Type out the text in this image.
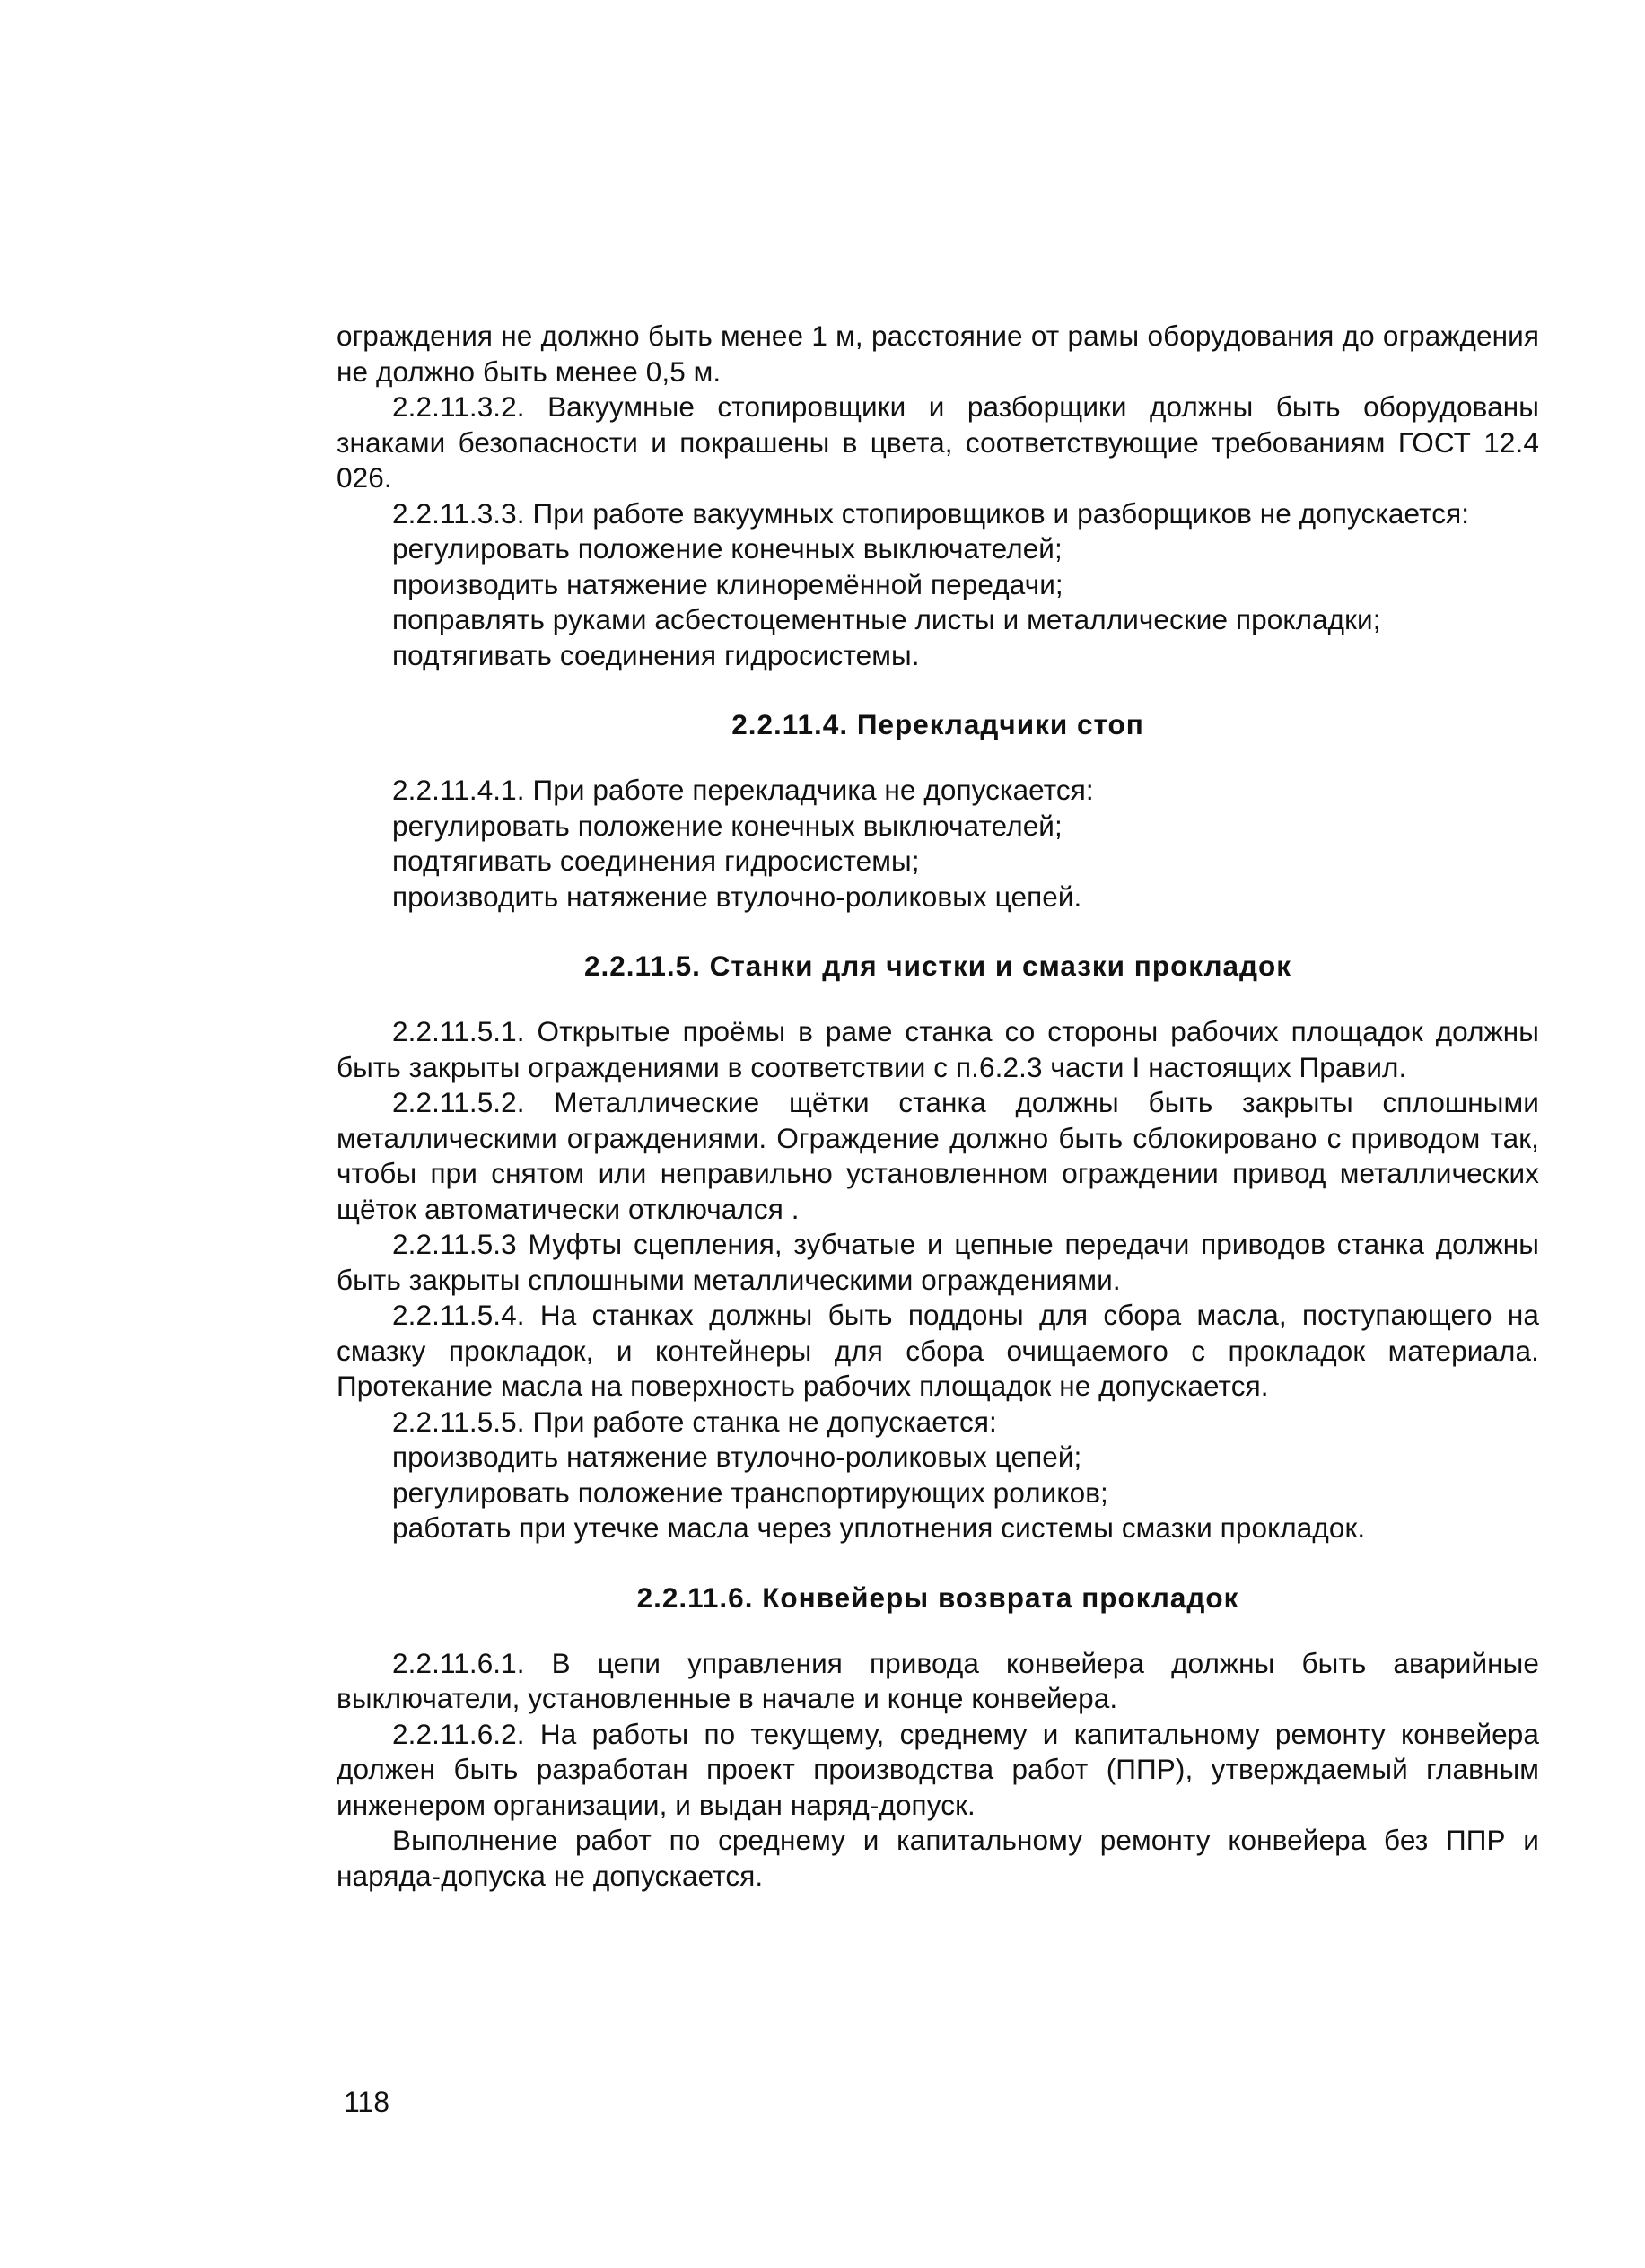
ограждения не должно быть менее 1 м, расстояние от рамы оборудования до ограждения не должно быть менее 0,5 м.

2.2.11.3.2. Вакуумные стопировщики и разборщики должны быть оборудованы знаками безопасности и покрашены в цвета, соответствующие требованиям ГОСТ 12.4 026.

2.2.11.3.3. При работе вакуумных стопировщиков и разборщиков не допускается:

регулировать положение конечных выключателей;

производить натяжение клиноремённой передачи;

поправлять руками асбестоцементные листы и металлические прокладки;

подтягивать соединения гидросистемы.

2.2.11.4. Перекладчики стоп

2.2.11.4.1. При работе перекладчика не допускается:

регулировать положение конечных выключателей;

подтягивать соединения гидросистемы;

производить натяжение втулочно-роликовых цепей.

2.2.11.5. Станки для чистки и смазки прокладок

2.2.11.5.1. Открытые проёмы в раме станка со стороны рабочих площадок должны быть закрыты ограждениями в соответствии с п.6.2.3 части I настоящих Правил.

2.2.11.5.2. Металлические щётки станка должны быть закрыты сплошными металлическими ограждениями. Ограждение должно быть сблокировано с приводом так, чтобы при снятом или неправильно установленном ограждении привод металлических щёток автоматически отключался .

2.2.11.5.3 Муфты сцепления, зубчатые и цепные передачи приводов станка должны быть закрыты сплошными металлическими ограждениями.

2.2.11.5.4. На станках должны быть поддоны для сбора масла, поступающего на смазку прокладок, и контейнеры для сбора очищаемого с прокладок материала. Протекание масла на поверхность рабочих площадок не допускается.

2.2.11.5.5. При работе станка не допускается:

производить натяжение втулочно-роликовых цепей;

регулировать положение транспортирующих роликов;

работать при утечке масла через уплотнения системы смазки прокладок.

2.2.11.6. Конвейеры возврата прокладок

2.2.11.6.1. В цепи управления привода конвейера должны быть аварийные выключатели, установленные в начале и конце конвейера.

2.2.11.6.2. На работы по текущему, среднему и капитальному ремонту конвейера должен быть разработан проект производства работ (ППР), утверждаемый главным инженером организации, и выдан наряд-допуск.

Выполнение работ по среднему и капитальному ремонту конвейера без ППР и наряда-допуска не допускается.

118
